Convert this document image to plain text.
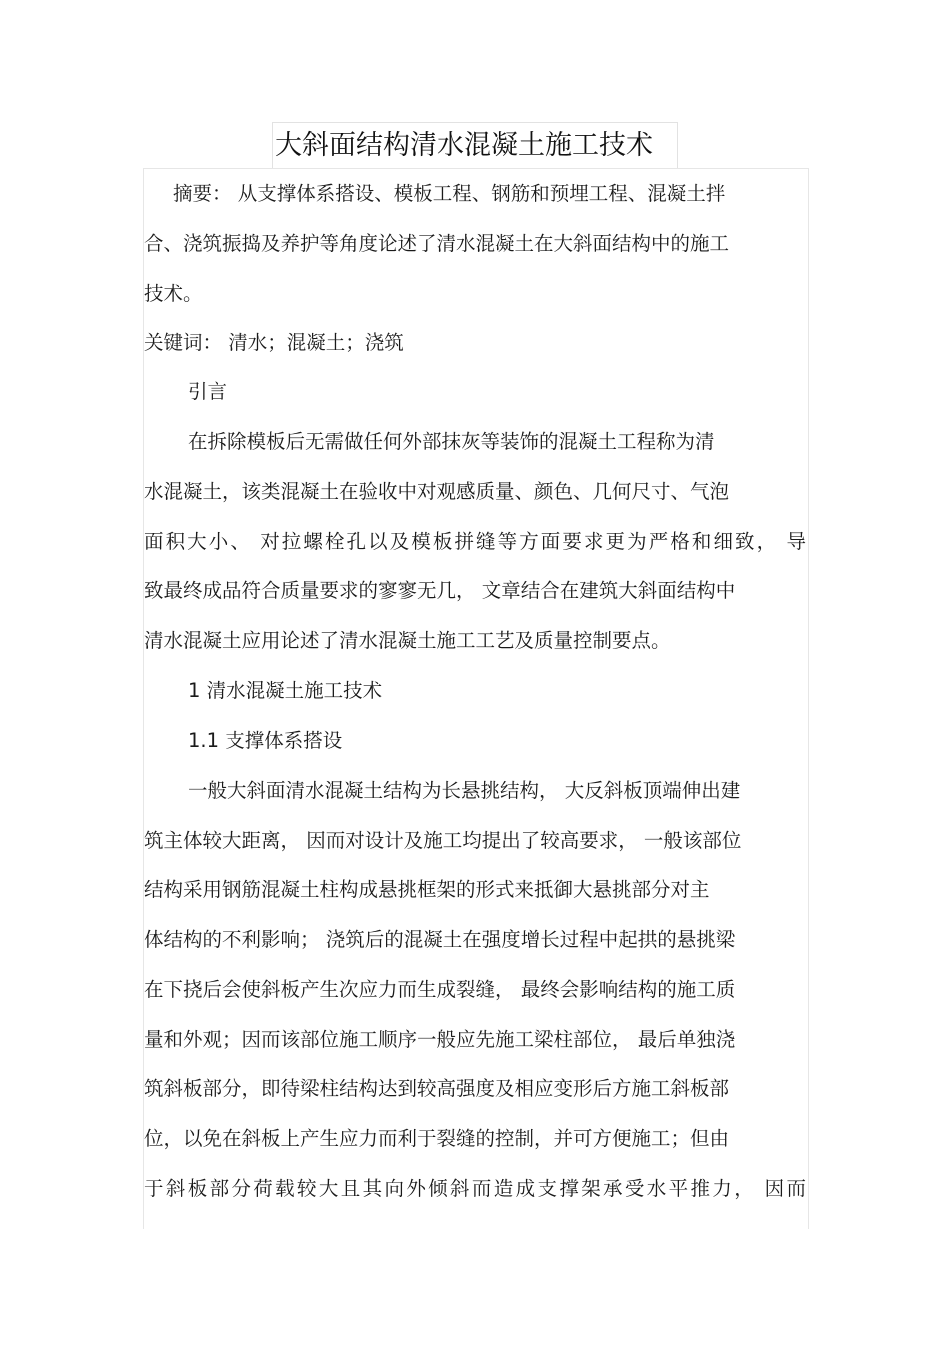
大斜面结构清水混凝土施工技术
摘要： 从支撑体系搭设、模板工程、钢筋和预埋工程、混凝土拌
合、浇筑振捣及养护等角度论述了清水混凝土在大斜面结构中的施工
技术。
关键词： 清水；混凝土；浇筑
引言
在拆除模板后无需做任何外部抹灰等装饰的混凝土工程称为清
水混凝土，该类混凝土在验收中对观感质量、颜色、几何尺寸、气泡
面积大小、 对拉螺栓孔以及模板拼缝等方面要求更为严格和细致， 导
致最终成品符合质量要求的寥寥无几， 文章结合在建筑大斜面结构中
清水混凝土应用论述了清水混凝土施工工艺及质量控制要点。
1 清水混凝土施工技术
1.1 支撑体系搭设
一般大斜面清水混凝土结构为长悬挑结构， 大反斜板顶端伸出建
筑主体较大距离， 因而对设计及施工均提出了较高要求， 一般该部位
结构采用钢筋混凝土柱构成悬挑框架的形式来抵御大悬挑部分对主
体结构的不利影响； 浇筑后的混凝土在强度增长过程中起拱的悬挑梁
在下挠后会使斜板产生次应力而生成裂缝， 最终会影响结构的施工质
量和外观；因而该部位施工顺序一般应先施工梁柱部位， 最后单独浇
筑斜板部分，即待梁柱结构达到较高强度及相应变形后方施工斜板部
位，以免在斜板上产生应力而利于裂缝的控制，并可方便施工；但由
于斜板部分荷载较大且其向外倾斜而造成支撑架承受水平推力， 因而
